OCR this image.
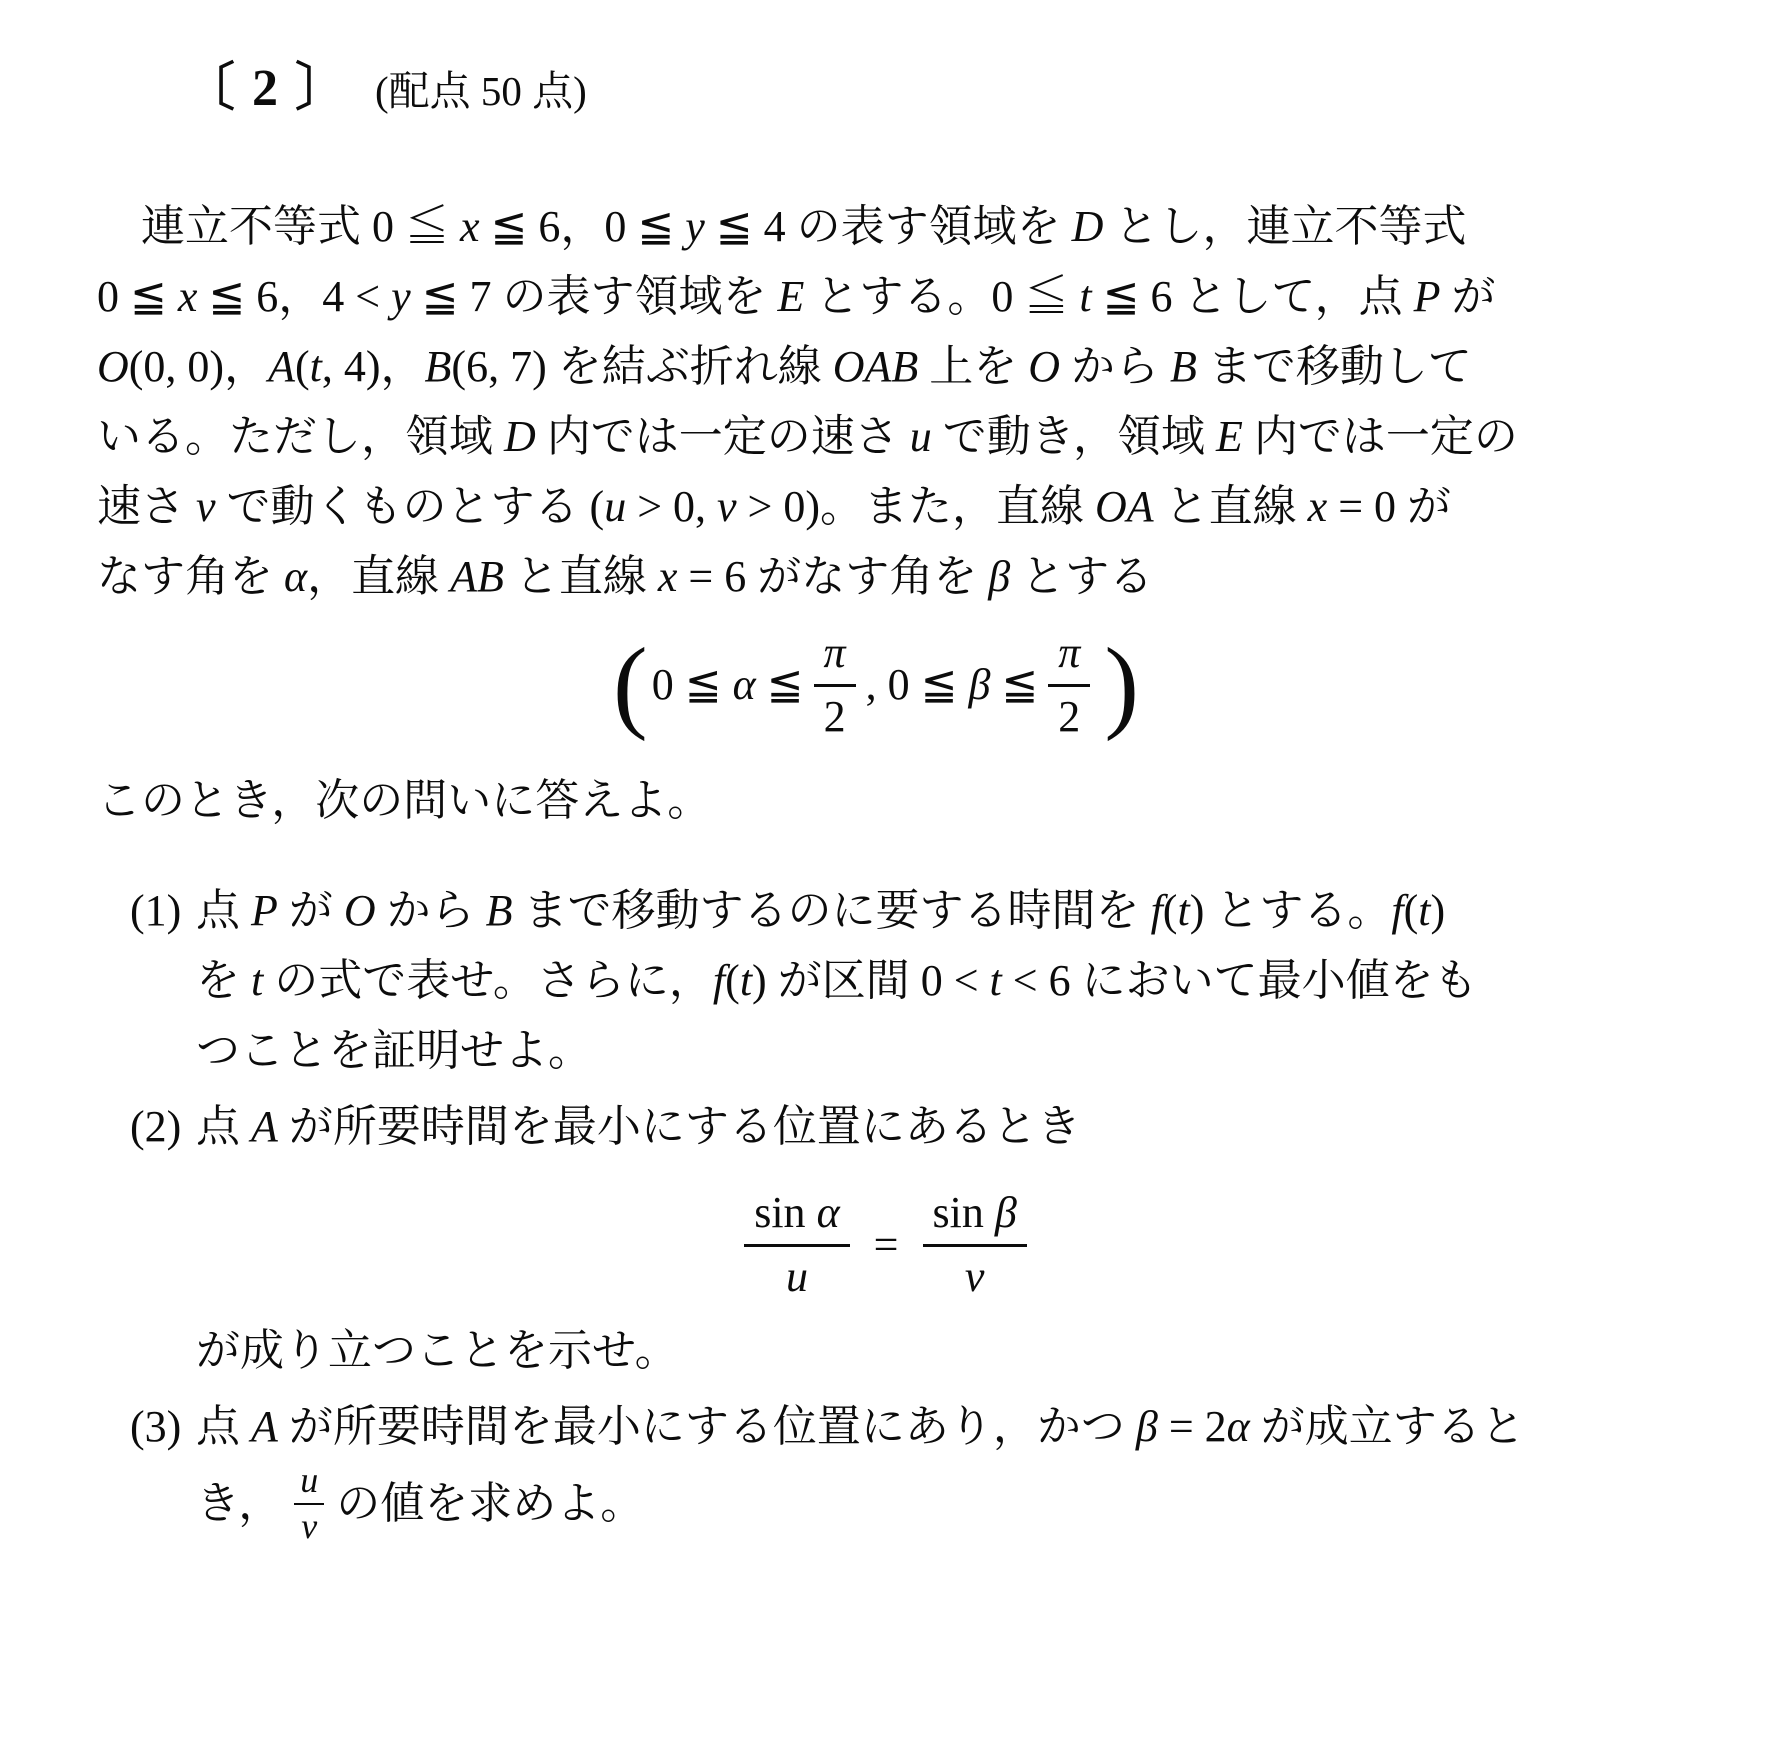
〔 2 〕 (配点 50 点)
連立不等式 0 ≦ x ≦ 6，0 ≦ y ≦ 4 の表す領域を D とし，連立不等式
0 ≦ x ≦ 6，4 < y ≦ 7 の表す領域を E とする。0 ≦ t ≦ 6 として，点 P が
O(0, 0)，A(t, 4)，B(6, 7) を結ぶ折れ線 OAB 上を O から B まで移動して
いる。ただし，領域 D 内では一定の速さ u で動き，領域 E 内では一定の
速さ v で動くものとする (u > 0, v > 0)。また，直線 OA と直線 x = 0 が
なす角を α，直線 AB と直線 x = 6 がなす角を β とする
( 0 ≦ α ≦ $\frac{\pi}{2}$ , 0 ≦ β ≦ $\frac{\pi}{2}$ )
このとき，次の問いに答えよ。
(1) 点 P が O から B まで移動するのに要する時間を f(t) とする。f(t)
を t の式で表せ。さらに，f(t) が区間 0 < t < 6 において最小値をも
つことを証明せよ。
(2) 点 A が所要時間を最小にする位置にあるとき
$\frac{\text{sin α}}{u} = \frac{\text{sin β}}{v}$
が成り立つことを示せ。
(3) 点 A が所要時間を最小にする位置にあり，かつ β = 2α が成立すると
き， $\frac{u}{v}$ の値を求めよ。
